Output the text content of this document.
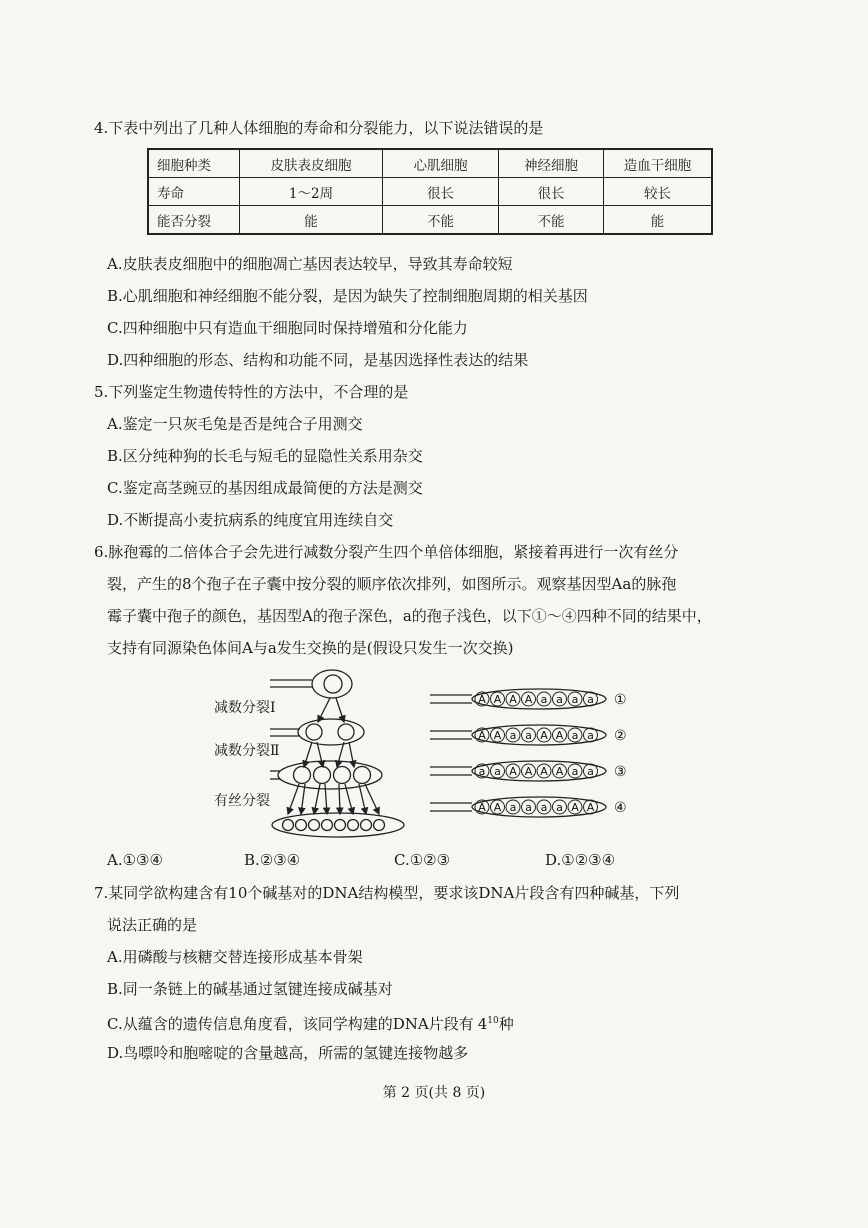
4.下表中列出了几种人体细胞的寿命和分裂能力，以下说法错误的是
细胞种类	皮肤表皮细胞	心肌细胞	神经细胞	造血干细胞
寿命	1～2周	很长	很长	较长
能否分裂	能	不能	不能	能
A.皮肤表皮细胞中的细胞凋亡基因表达较早，导致其寿命较短
B.心肌细胞和神经细胞不能分裂，是因为缺失了控制细胞周期的相关基因
C.四种细胞中只有造血干细胞同时保持增殖和分化能力
D.四种细胞的形态、结构和功能不同，是基因选择性表达的结果
5.下列鉴定生物遗传特性的方法中，不合理的是
A.鉴定一只灰毛兔是否是纯合子用测交
B.区分纯种狗的长毛与短毛的显隐性关系用杂交
C.鉴定高茎豌豆的基因组成最简便的方法是测交
D.不断提高小麦抗病系的纯度宜用连续自交
6.脉孢霉的二倍体合子会先进行减数分裂产生四个单倍体细胞，紧接着再进行一次有丝分
裂，产生的8个孢子在子囊中按分裂的顺序依次排列，如图所示。观察基因型Aa的脉孢
霉子囊中孢子的颜色，基因型A的孢子深色，a的孢子浅色，以下①～④四种不同的结果中，
支持有同源染色体间A与a发生交换的是(假设只发生一次交换)
减数分裂Ⅰ
减数分裂Ⅱ
有丝分裂
A A A A a a a a ①
A A a a A A a a ②
a a A A A A a a ③
A A a a a a A A ④
A.①③④	B.②③④	C.①②③	D.①②③④
7.某同学欲构建含有10个碱基对的DNA结构模型，要求该DNA片段含有四种碱基，下列
说法正确的是
A.用磷酸与核糖交替连接形成基本骨架
B.同一条链上的碱基通过氢键连接成碱基对
C.从蕴含的遗传信息角度看，该同学构建的DNA片段有 $4^{10}$种
D.鸟嘌呤和胞嘧啶的含量越高，所需的氢键连接物越多
第 2 页(共 8 页)
